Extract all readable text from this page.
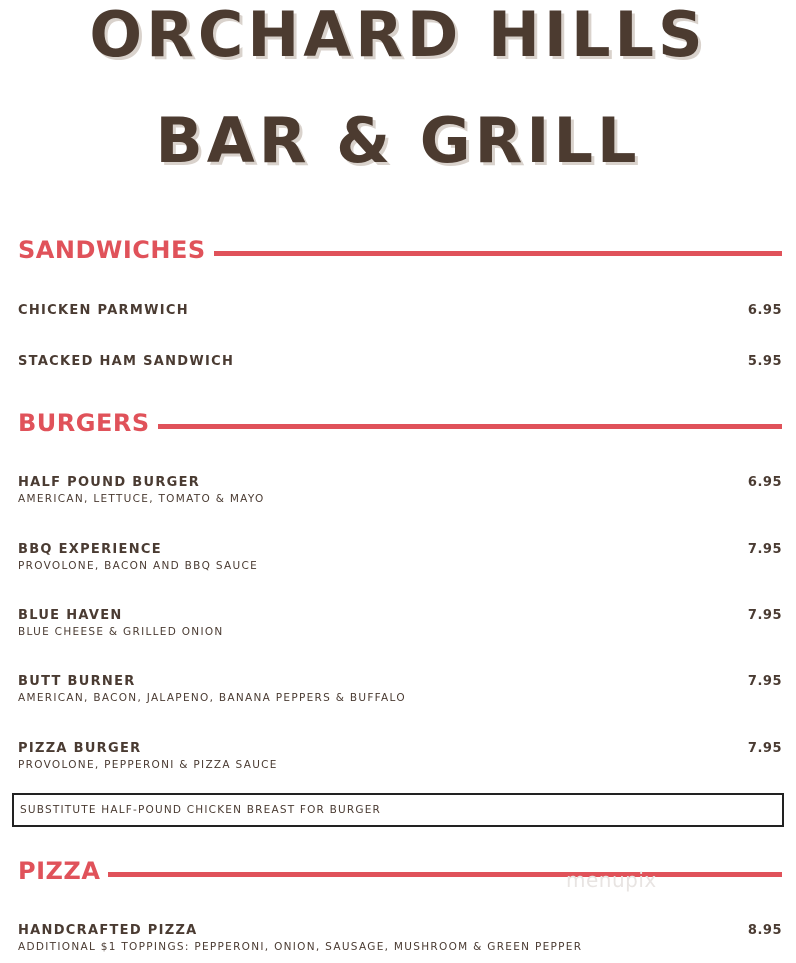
ORCHARD HILLS
BAR & GRILL
SANDWICHES
CHICKEN PARMWICH	6.95
STACKED HAM SANDWICH	5.95
BURGERS
HALF POUND BURGER	6.95
AMERICAN, LETTUCE, TOMATO & MAYO
BBQ EXPERIENCE	7.95
PROVOLONE, BACON AND BBQ SAUCE
BLUE HAVEN	7.95
BLUE CHEESE & GRILLED ONION
BUTT BURNER	7.95
AMERICAN, BACON, JALAPENO, BANANA PEPPERS & BUFFALO
PIZZA BURGER	7.95
PROVOLONE, PEPPERONI & PIZZA SAUCE
SUBSTITUTE HALF-POUND CHICKEN BREAST FOR BURGER
PIZZA	menupix
HANDCRAFTED PIZZA	8.95
ADDITIONAL $1 TOPPINGS: PEPPERONI, ONION, SAUSAGE, MUSHROOM & GREEN PEPPER
